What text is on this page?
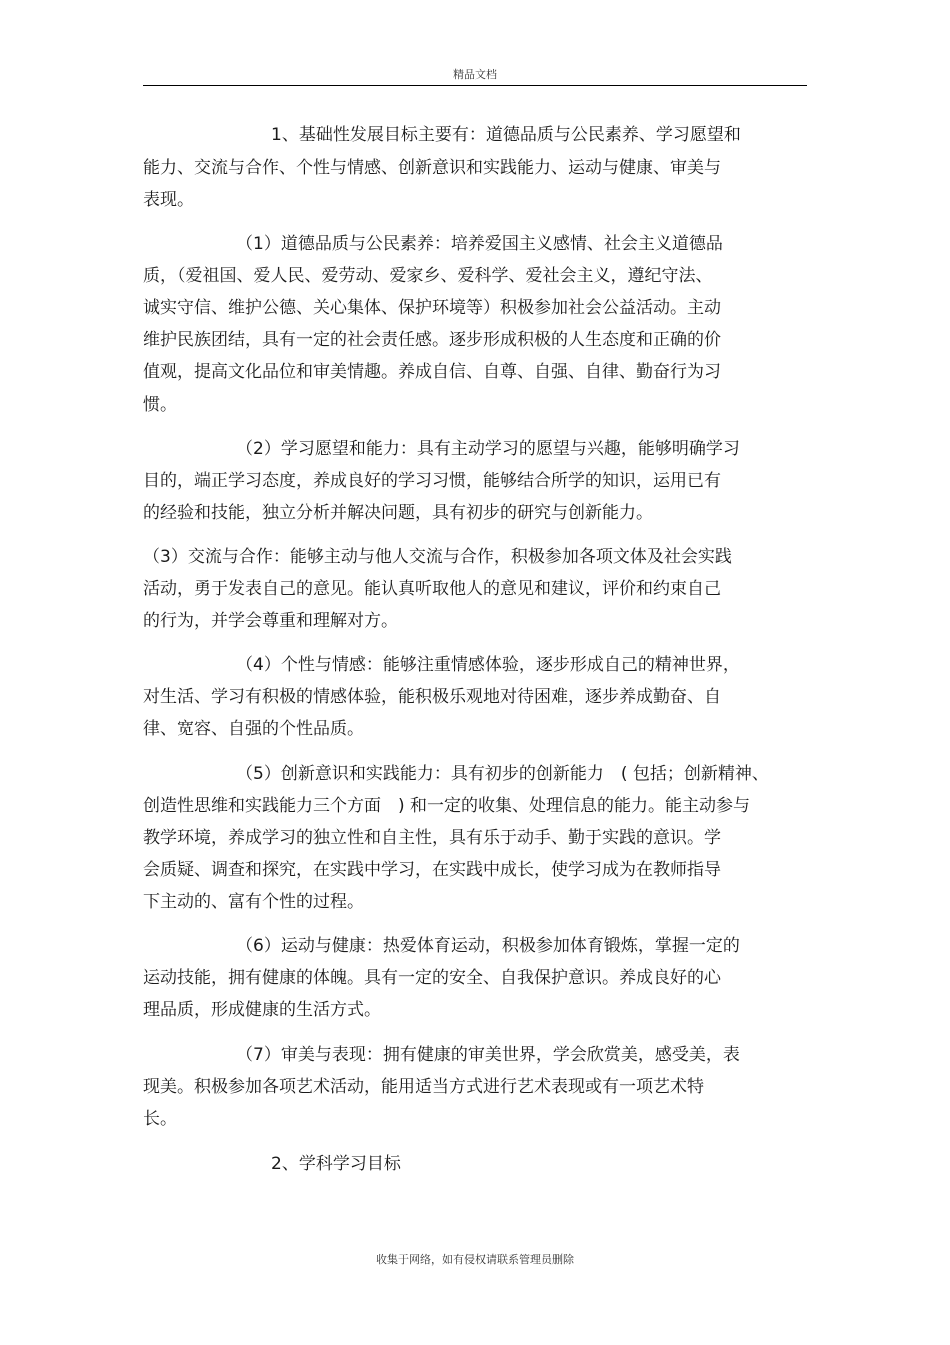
精品文档
1、基础性发展目标主要有：道德品质与公民素养、学习愿望和
能力、交流与合作、个性与情感、创新意识和实践能力、运动与健康、审美与
表现。
（1）道德品质与公民素养：培养爱国主义感情、社会主义道德品
质，（爱祖国、爱人民、爱劳动、爱家乡、爱科学、爱社会主义，遵纪守法、
诚实守信、维护公德、关心集体、保护环境等）积极参加社会公益活动。主动
维护民族团结，具有一定的社会责任感。逐步形成积极的人生态度和正确的价
值观，提高文化品位和审美情趣。养成自信、自尊、自强、自律、勤奋行为习
惯。
（2）学习愿望和能力：具有主动学习的愿望与兴趣，能够明确学习
目的，端正学习态度，养成良好的学习习惯，能够结合所学的知识，运用已有
的经验和技能，独立分析并解决问题，具有初步的研究与创新能力。
（3）交流与合作：能够主动与他人交流与合作，积极参加各项文体及社会实践
活动，勇于发表自己的意见。能认真听取他人的意见和建议，评价和约束自己
的行为，并学会尊重和理解对方。
（4）个性与情感：能够注重情感体验，逐步形成自己的精神世界，
对生活、学习有积极的情感体验，能积极乐观地对待困难，逐步养成勤奋、自
律、宽容、自强的个性品质。
（5）创新意识和实践能力：具有初步的创新能力　( 包括；创新精神、
创造性思维和实践能力三个方面　) 和一定的收集、处理信息的能力。能主动参与
教学环境，养成学习的独立性和自主性，具有乐于动手、勤于实践的意识。学
会质疑、调查和探究，在实践中学习，在实践中成长，使学习成为在教师指导
下主动的、富有个性的过程。
（6）运动与健康：热爱体育运动，积极参加体育锻炼，掌握一定的
运动技能，拥有健康的体魄。具有一定的安全、自我保护意识。养成良好的心
理品质，形成健康的生活方式。
（7）审美与表现：拥有健康的审美世界，学会欣赏美，感受美，表
现美。积极参加各项艺术活动，能用适当方式进行艺术表现或有一项艺术特
长。
2、学科学习目标
收集于网络，如有侵权请联系管理员删除
